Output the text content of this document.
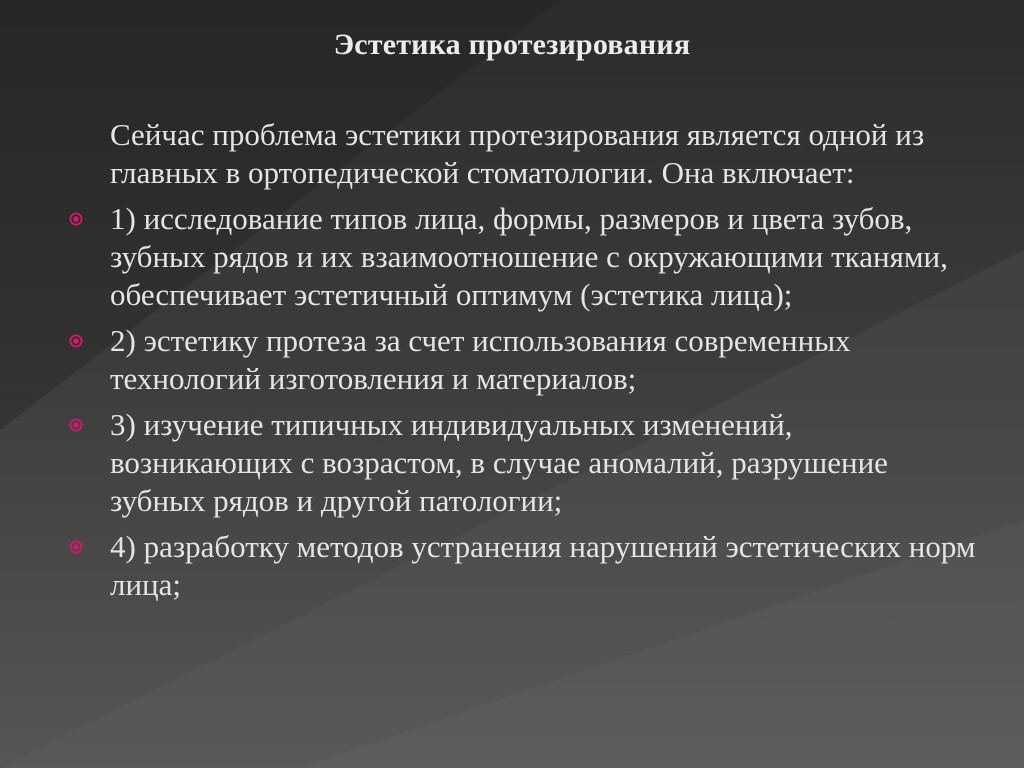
Эстетика протезирования

Сейчас проблема эстетики протезирования является одной из главных в ортопедической стоматологии. Она включает:

1) исследование типов лица, формы, размеров и цвета зубов, зубных рядов и их взаимоотношение с окружающими тканями, обеспечивает эстетичный оптимум (эстетика лица);
2) эстетику протеза за счет использования современных технологий изготовления и материалов;
3) изучение типичных индивидуальных изменений, возникающих с возрастом, в случае аномалий, разрушение зубных рядов и другой патологии;
4) разработку методов устранения нарушений эстетических норм лица;
